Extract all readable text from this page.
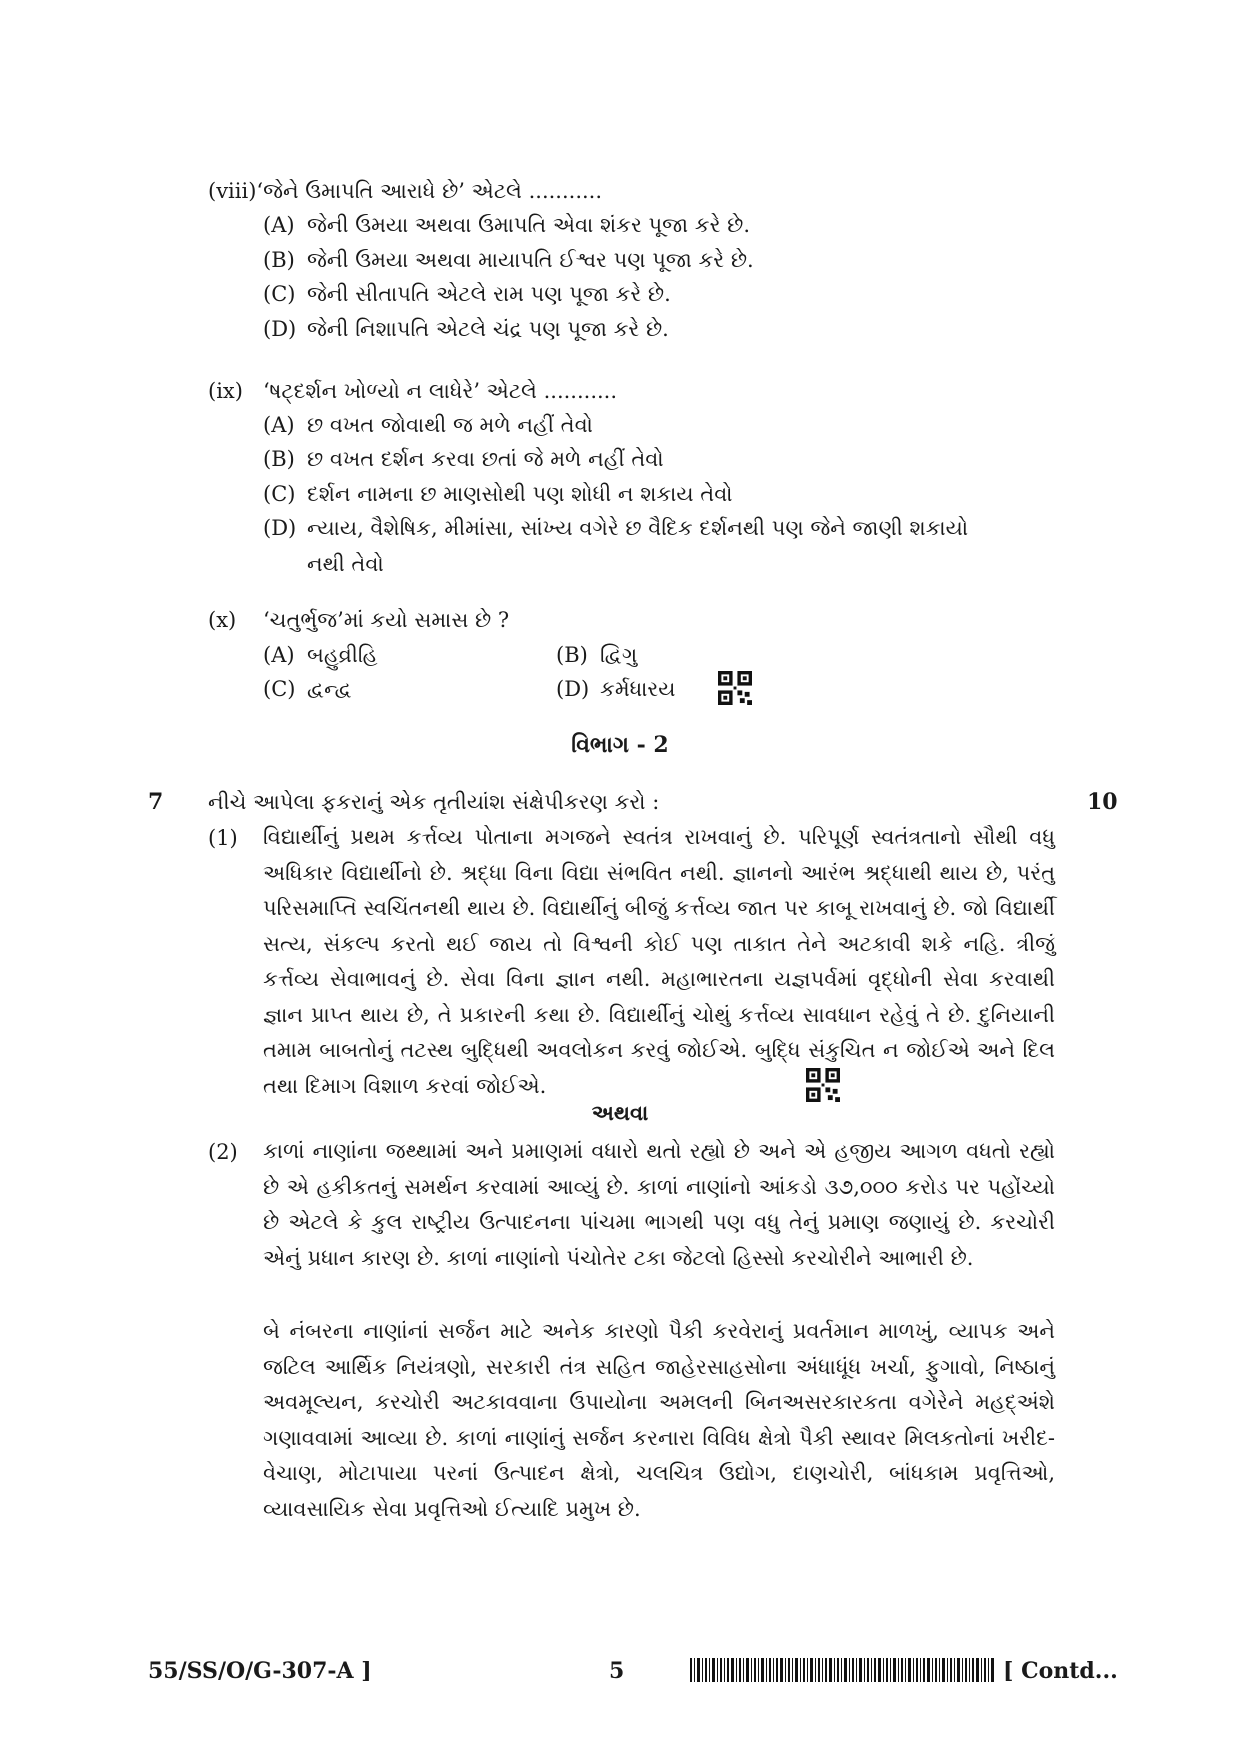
(viii)‘જેને ઉમાપતિ આરાધે છે’ એટલે ...........
(A) જેની ઉમયા અથવા ઉમાપતિ એવા શંકર પૂજા કરે છે.
(B) જેની ઉમયા અથવા માયાપતિ ઈશ્વર પણ પૂજા કરે છે.
(C) જેની સીતાપતિ એટલે રામ પણ પૂજા કરે છે.
(D) જેની નિશાપતિ એટલે ચંદ્ર પણ પૂજા કરે છે.
(ix) ‘ષટ્દર્શન ખોળ્યો ન લાધેરે’ એટલે ...........
(A) છ વખત જોવાથી જ મળે નહીં તેવો
(B) છ વખત દર્શન કરવા છતાં જે મળે નહીં તેવો
(C) દર્શન નામના છ માણસોથી પણ શોધી ન શકાય તેવો
(D) ન્યાય, વૈશેષિક, મીમાંસા, સાંખ્ય વગેરે છ વૈદિક દર્શનથી પણ જેને જાણી શકાયો
નથી તેવો
(x) ‘ચતુર્ભુજ’માં કયો સમાસ છે ?
(A) બહુવ્રીહિ	(B) દ્વિગુ
(C) દ્વન્દ્વ	(D) કર્મધારય
વિભાગ - 2
7 નીચે આપેલા ફકરાનું એક તૃતીયાંશ સંક્ષેપીકરણ કરો :	10
(1) વિદ્યાર્થીનું પ્રથમ કર્ત્તવ્ય પોતાના મગજને સ્વતંત્ર રાખવાનું છે. પરિપૂર્ણ સ્વતંત્રતાનો સૌથી વધુ અધિકાર વિદ્યાર્થીનો છે. શ્રદ્ધા વિના વિદ્યા સંભવિત નથી. જ્ઞાનનો આરંભ શ્રદ્ધાથી થાય છે, પરંતુ પરિસમાપ્તિ સ્વચિંતનથી થાય છે. વિદ્યાર્થીનું બીજું કર્ત્તવ્ય જાત પર કાબૂ રાખવાનું છે. જો વિદ્યાર્થી સત્ય, સંકલ્પ કરતો થઈ જાય તો વિશ્વની કોઈ પણ તાકાત તેને અટકાવી શકે નહિ. ત્રીજું કર્ત્તવ્ય સેવાભાવનું છે. સેવા વિના જ્ઞાન નથી. મહાભારતના યજ્ઞપર્વમાં વૃદ્ધોની સેવા કરવાથી જ્ઞાન પ્રાપ્ત થાય છે, તે પ્રકારની કથા છે. વિદ્યાર્થીનું ચોથું કર્ત્તવ્ય સાવધાન રહેવું તે છે. દુનિયાની તમામ બાબતોનું તટસ્થ બુદ્ધિથી અવલોકન કરવું જોઈએ. બુદ્ધિ સંકુચિત ન જોઈએ અને દિલ તથા દિમાગ વિશાળ કરવાં જોઈએ.
અથવા
(2) કાળાં નાણાંના જથ્થામાં અને પ્રમાણમાં વધારો થતો રહ્યો છે અને એ હજીય આગળ વધતો રહ્યો છે એ હકીકતનું સમર્થન કરવામાં આવ્યું છે. કાળાં નાણાંનો આંકડો ૩૭,૦૦૦ કરોડ પર પહોંચ્યો છે એટલે કે કુલ રાષ્ટ્રીય ઉત્પાદનના પાંચમા ભાગથી પણ વધુ તેનું પ્રમાણ જણાયું છે. કરચોરી એનું પ્રધાન કારણ છે. કાળાં નાણાંનો પંચોતેર ટકા જેટલો હિસ્સો કરચોરીને આભારી છે.
બે નંબરના નાણાંનાં સર્જન માટે અનેક કારણો પૈકી કરવેરાનું પ્રવર્તમાન માળખું, વ્યાપક અને જટિલ આર્થિક નિયંત્રણો, સરકારી તંત્ર સહિત જાહેરસાહસોના અંધાધૂંધ ખર્ચા, ફુગાવો, નિષ્ઠાનું અવમૂલ્યન, કરચોરી અટકાવવાના ઉપાયોના અમલની બિનઅસરકારકતા વગેરેને મહદ્અંશે ગણાવવામાં આવ્યા છે. કાળાં નાણાંનું સર્જન કરનારા વિવિધ ક્ષેત્રો પૈકી સ્થાવર મિલકતોનાં ખરીદ-વેચાણ, મોટાપાયા પરનાં ઉત્પાદન ક્ષેત્રો, ચલચિત્ર ઉદ્યોગ, દાણચોરી, બાંધકામ પ્રવૃત્તિઓ, વ્યાવસાયિક સેવા પ્રવૃત્તિઓ ઈત્યાદિ પ્રમુખ છે.
55/SS/O/G-307-A ]	5	[ Contd...
